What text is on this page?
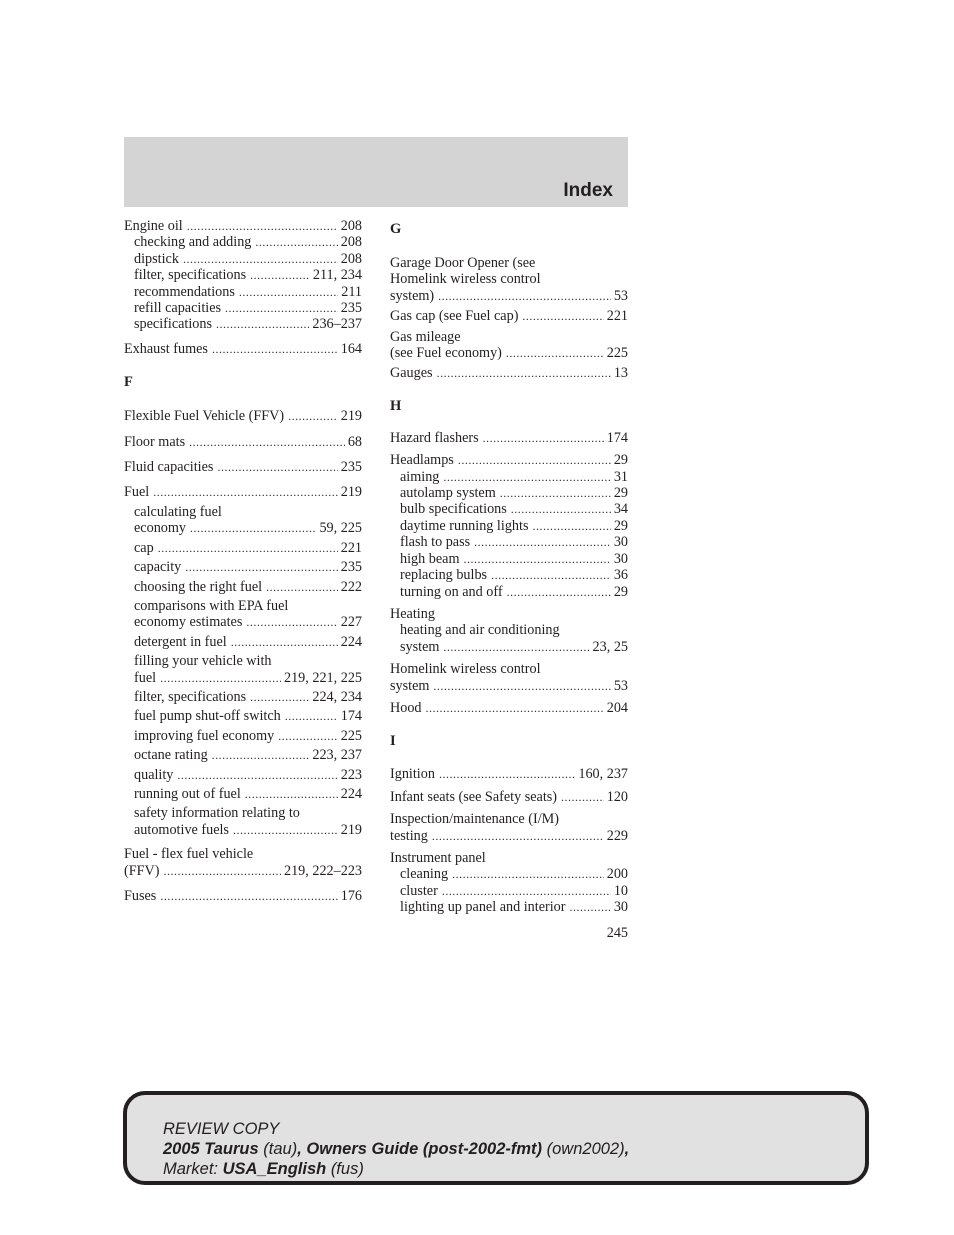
Index
Engine oil .....	208
checking and adding .....	208
dipstick .....	208
filter, specifications .....	211, 234
recommendations .....	211
refill capacities .....	235
specifications .....	236–237
Exhaust fumes .....	164
F
Flexible Fuel Vehicle (FFV) .....	219
Floor mats .....	68
Fluid capacities .....	235
Fuel .....	219
calculating fuel
economy .....	59, 225
cap .....	221
capacity .....	235
choosing the right fuel .....	222
comparisons with EPA fuel
economy estimates .....	227
detergent in fuel .....	224
filling your vehicle with
fuel .....	219, 221, 225
filter, specifications .....	224, 234
fuel pump shut-off switch .....	174
improving fuel economy .....	225
octane rating .....	223, 237
quality .....	223
running out of fuel .....	224
safety information relating to
automotive fuels .....	219
Fuel - flex fuel vehicle
(FFV) .....	219, 222–223
Fuses .....	176
G
Garage Door Opener (see
Homelink wireless control
system) .....	53
Gas cap (see Fuel cap) .....	221
Gas mileage
(see Fuel economy) .....	225
Gauges .....	13
H
Hazard flashers .....	174
Headlamps .....	29
aiming .....	31
autolamp system .....	29
bulb specifications .....	34
daytime running lights .....	29
flash to pass .....	30
high beam .....	30
replacing bulbs .....	36
turning on and off .....	29
Heating
heating and air conditioning
system .....	23, 25
Homelink wireless control
system .....	53
Hood .....	204
I
Ignition .....	160, 237
Infant seats (see Safety seats) .....	120
Inspection/maintenance (I/M)
testing .....	229
Instrument panel
cleaning .....	200
cluster .....	10
lighting up panel and interior .....	30
245
REVIEW COPY
2005 Taurus (tau), Owners Guide (post-2002-fmt) (own2002),
Market: USA_English (fus)
